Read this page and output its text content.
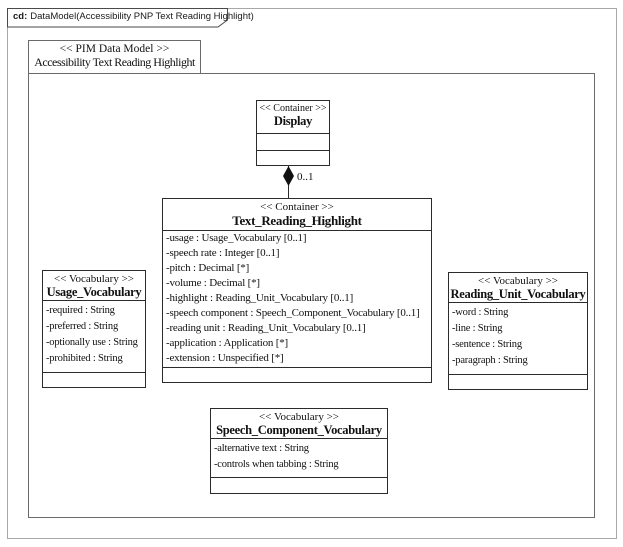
cd: DataModel(Accessibility PNP Text Reading Highlight)
<< PIM Data Model >>
Accessibility Text Reading Highlight
<< Container >>
Display
0..1
<< Container >>
Text_Reading_Highlight
-usage : Usage_Vocabulary [0..1]
-speech rate : Integer [0..1]
-pitch : Decimal [*]
-volume : Decimal [*]
-highlight : Reading_Unit_Vocabulary [0..1]
-speech component : Speech_Component_Vocabulary [0..1]
-reading unit : Reading_Unit_Vocabulary [0..1]
-application : Application [*]
-extension : Unspecified [*]
<< Vocabulary >>
Usage_Vocabulary
-required : String
-preferred : String
-optionally use : String
-prohibited : String
<< Vocabulary >>
Reading_Unit_Vocabulary
-word : String
-line : String
-sentence : String
-paragraph : String
<< Vocabulary >>
Speech_Component_Vocabulary
-alternative text : String
-controls when tabbing : String
